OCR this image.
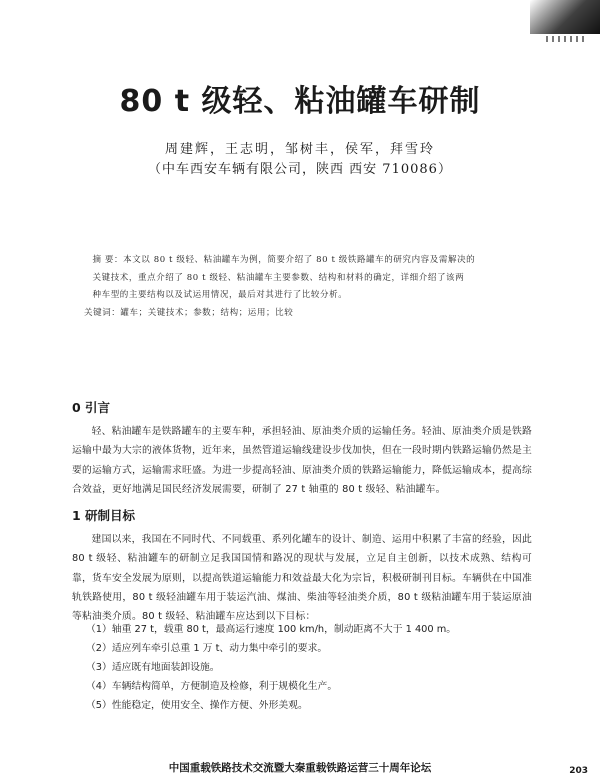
80 t 级轻、粘油罐车研制
周建辉，王志明，邹树丰，侯军，拜雪玲
（中车西安车辆有限公司，陕西 西安 710086）

摘 要：本文以 80 t 级轻、粘油罐车为例，简要介绍了 80 t 级铁路罐车的研究内容及需解决的

关键技术，重点介绍了 80 t 级轻、粘油罐车主要参数、结构和材料的确定，详细介绍了该两

种车型的主要结构以及试运用情况，最后对其进行了比较分析。

关键词：罐车；关键技术；参数；结构；运用；比较

0 引言

轻、粘油罐车是铁路罐车的主要车种，承担轻油、原油类介质的运输任务。轻油、原油类介质是铁路运输中最为大宗的液体货物，近年来，虽然管道运输线建设步伐加快，但在一段时期内铁路运输仍然是主要的运输方式，运输需求旺盛。为进一步提高轻油、原油类介质的铁路运输能力，降低运输成本，提高综合效益，更好地满足国民经济发展需要，研制了 27 t 轴重的 80 t 级轻、粘油罐车。

1 研制目标

建国以来，我国在不同时代、不同载重、系列化罐车的设计、制造、运用中积累了丰富的经验，因此 80 t 级轻、粘油罐车的研制立足我国国情和路况的现状与发展，立足自主创新，以技术成熟、结构可靠，货车安全发展为原则，以提高铁道运输能力和效益最大化为宗旨，积极研制刊目标。车辆供在中国准轨铁路使用，80 t 级轻油罐车用于装运汽油、煤油、柴油等轻油类介质，80 t 级粘油罐车用于装运原油等粘油类介质。80 t 级轻、粘油罐车应达到以下目标：

（1）轴重 27 t，载重 80 t，最高运行速度 100 km/h，制动距离不大于 1 400 m。
（2）适应列车牵引总重 1 万 t、动力集中牵引的要求。
（3）适应既有地面装卸设施。
（4）车辆结构简单，方便制造及检修，利于规模化生产。
（5）性能稳定，使用安全、操作方便、外形美观。
中国重载铁路技术交流暨大秦重载铁路运营三十周年论坛	203
